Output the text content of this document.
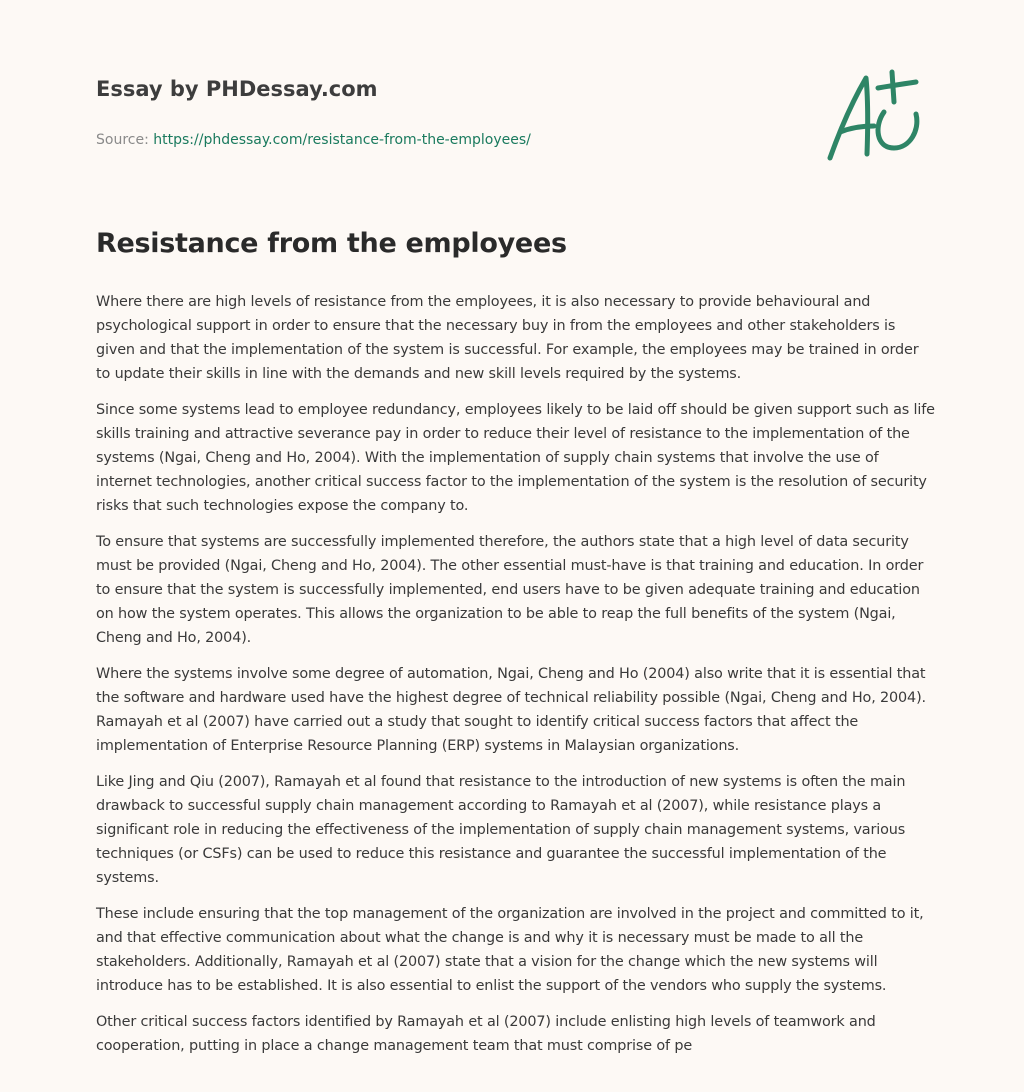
Essay by PHDessay.com
Source: https://phdessay.com/resistance-from-the-employees/
Resistance from the employees

Where there are high levels of resistance from the employees, it is also necessary to provide behavioural and psychological support in order to ensure that the necessary buy in from the employees and other stakeholders is given and that the implementation of the system is successful. For example, the employees may be trained in order to update their skills in line with the demands and new skill levels required by the systems.

Since some systems lead to employee redundancy, employees likely to be laid off should be given support such as life skills training and attractive severance pay in order to reduce their level of resistance to the implementation of the systems (Ngai, Cheng and Ho, 2004). With the implementation of supply chain systems that involve the use of internet technologies, another critical success factor to the implementation of the system is the resolution of security risks that such technologies expose the company to.

To ensure that systems are successfully implemented therefore, the authors state that a high level of data security must be provided (Ngai, Cheng and Ho, 2004). The other essential must-have is that training and education. In order to ensure that the system is successfully implemented, end users have to be given adequate training and education on how the system operates. This allows the organization to be able to reap the full benefits of the system (Ngai, Cheng and Ho, 2004).

Where the systems involve some degree of automation, Ngai, Cheng and Ho (2004) also write that it is essential that the software and hardware used have the highest degree of technical reliability possible (Ngai, Cheng and Ho, 2004). Ramayah et al (2007) have carried out a study that sought to identify critical success factors that affect the implementation of Enterprise Resource Planning (ERP) systems in Malaysian organizations.

Like Jing and Qiu (2007), Ramayah et al found that resistance to the introduction of new systems is often the main drawback to successful supply chain management according to Ramayah et al (2007), while resistance plays a significant role in reducing the effectiveness of the implementation of supply chain management systems, various techniques (or CSFs) can be used to reduce this resistance and guarantee the successful implementation of the systems.

These include ensuring that the top management of the organization are involved in the project and committed to it, and that effective communication about what the change is and why it is necessary must be made to all the stakeholders. Additionally, Ramayah et al (2007) state that a vision for the change which the new systems will introduce has to be established. It is also essential to enlist the support of the vendors who supply the systems.

Other critical success factors identified by Ramayah et al (2007) include enlisting high levels of teamwork and cooperation, putting in place a change management team that must comprise of pe
